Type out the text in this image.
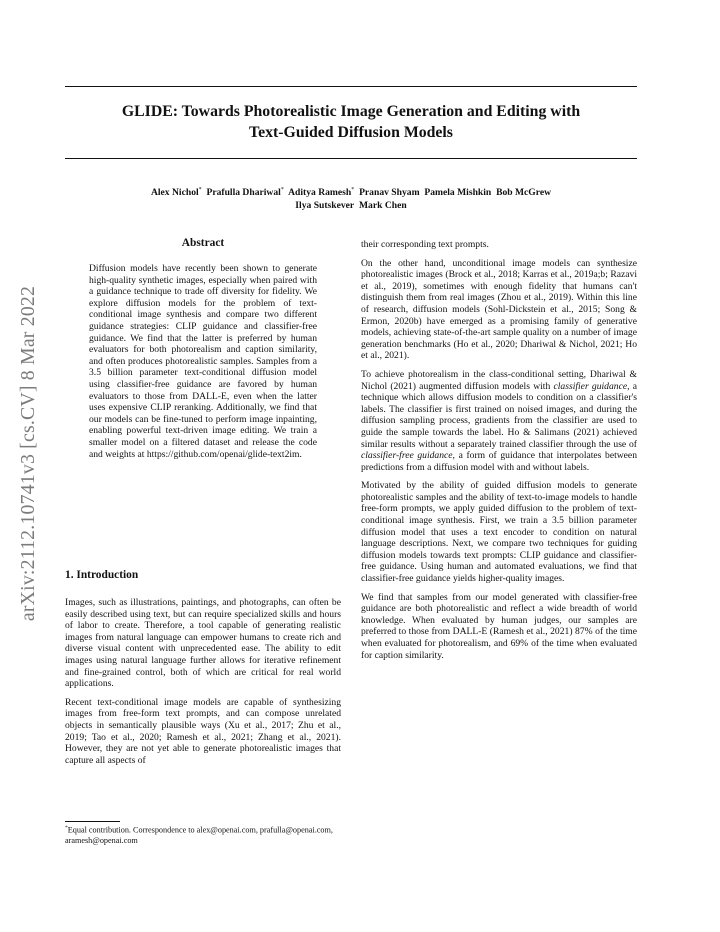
GLIDE: Towards Photorealistic Image Generation and Editing with
Text-Guided Diffusion Models
Alex Nichol* Prafulla Dhariwal* Aditya Ramesh* Pranav Shyam Pamela Mishkin Bob McGrew
Ilya Sutskever Mark Chen
arXiv:2112.10741v3 [cs.CV] 8 Mar 2022
Abstract
Diffusion models have recently been shown to generate high-quality synthetic images, especially when paired with a guidance technique to trade off diversity for fidelity. We explore diffusion models for the problem of text-conditional image synthesis and compare two different guidance strategies: CLIP guidance and classifier-free guidance. We find that the latter is preferred by human evaluators for both photorealism and caption similarity, and often produces photorealistic samples. Samples from a 3.5 billion parameter text-conditional diffusion model using classifier-free guidance are favored by human evaluators to those from DALL-E, even when the latter uses expensive CLIP reranking. Additionally, we find that our models can be fine-tuned to perform image inpainting, enabling powerful text-driven image editing. We train a smaller model on a filtered dataset and release the code and weights at https://github.com/openai/glide-text2im.
1. Introduction

Images, such as illustrations, paintings, and photographs, can often be easily described using text, but can require specialized skills and hours of labor to create. Therefore, a tool capable of generating realistic images from natural language can empower humans to create rich and diverse visual content with unprecedented ease. The ability to edit images using natural language further allows for iterative refinement and fine-grained control, both of which are critical for real world applications.

Recent text-conditional image models are capable of synthesizing images from free-form text prompts, and can compose unrelated objects in semantically plausible ways (Xu et al., 2017; Zhu et al., 2019; Tao et al., 2020; Ramesh et al., 2021; Zhang et al., 2021). However, they are not yet able to generate photorealistic images that capture all aspects of

*Equal contribution. Correspondence to alex@openai.com, prafulla@openai.com, aramesh@openai.com

their corresponding text prompts.

On the other hand, unconditional image models can synthesize photorealistic images (Brock et al., 2018; Karras et al., 2019a;b; Razavi et al., 2019), sometimes with enough fidelity that humans can't distinguish them from real images (Zhou et al., 2019). Within this line of research, diffusion models (Sohl-Dickstein et al., 2015; Song & Ermon, 2020b) have emerged as a promising family of generative models, achieving state-of-the-art sample quality on a number of image generation benchmarks (Ho et al., 2020; Dhariwal & Nichol, 2021; Ho et al., 2021).

To achieve photorealism in the class-conditional setting, Dhariwal & Nichol (2021) augmented diffusion models with classifier guidance, a technique which allows diffusion models to condition on a classifier's labels. The classifier is first trained on noised images, and during the diffusion sampling process, gradients from the classifier are used to guide the sample towards the label. Ho & Salimans (2021) achieved similar results without a separately trained classifier through the use of classifier-free guidance, a form of guidance that interpolates between predictions from a diffusion model with and without labels.

Motivated by the ability of guided diffusion models to generate photorealistic samples and the ability of text-to-image models to handle free-form prompts, we apply guided diffusion to the problem of text-conditional image synthesis. First, we train a 3.5 billion parameter diffusion model that uses a text encoder to condition on natural language descriptions. Next, we compare two techniques for guiding diffusion models towards text prompts: CLIP guidance and classifier-free guidance. Using human and automated evaluations, we find that classifier-free guidance yields higher-quality images.

We find that samples from our model generated with classifier-free guidance are both photorealistic and reflect a wide breadth of world knowledge. When evaluated by human judges, our samples are preferred to those from DALL-E (Ramesh et al., 2021) 87% of the time when evaluated for photorealism, and 69% of the time when evaluated for caption similarity.
